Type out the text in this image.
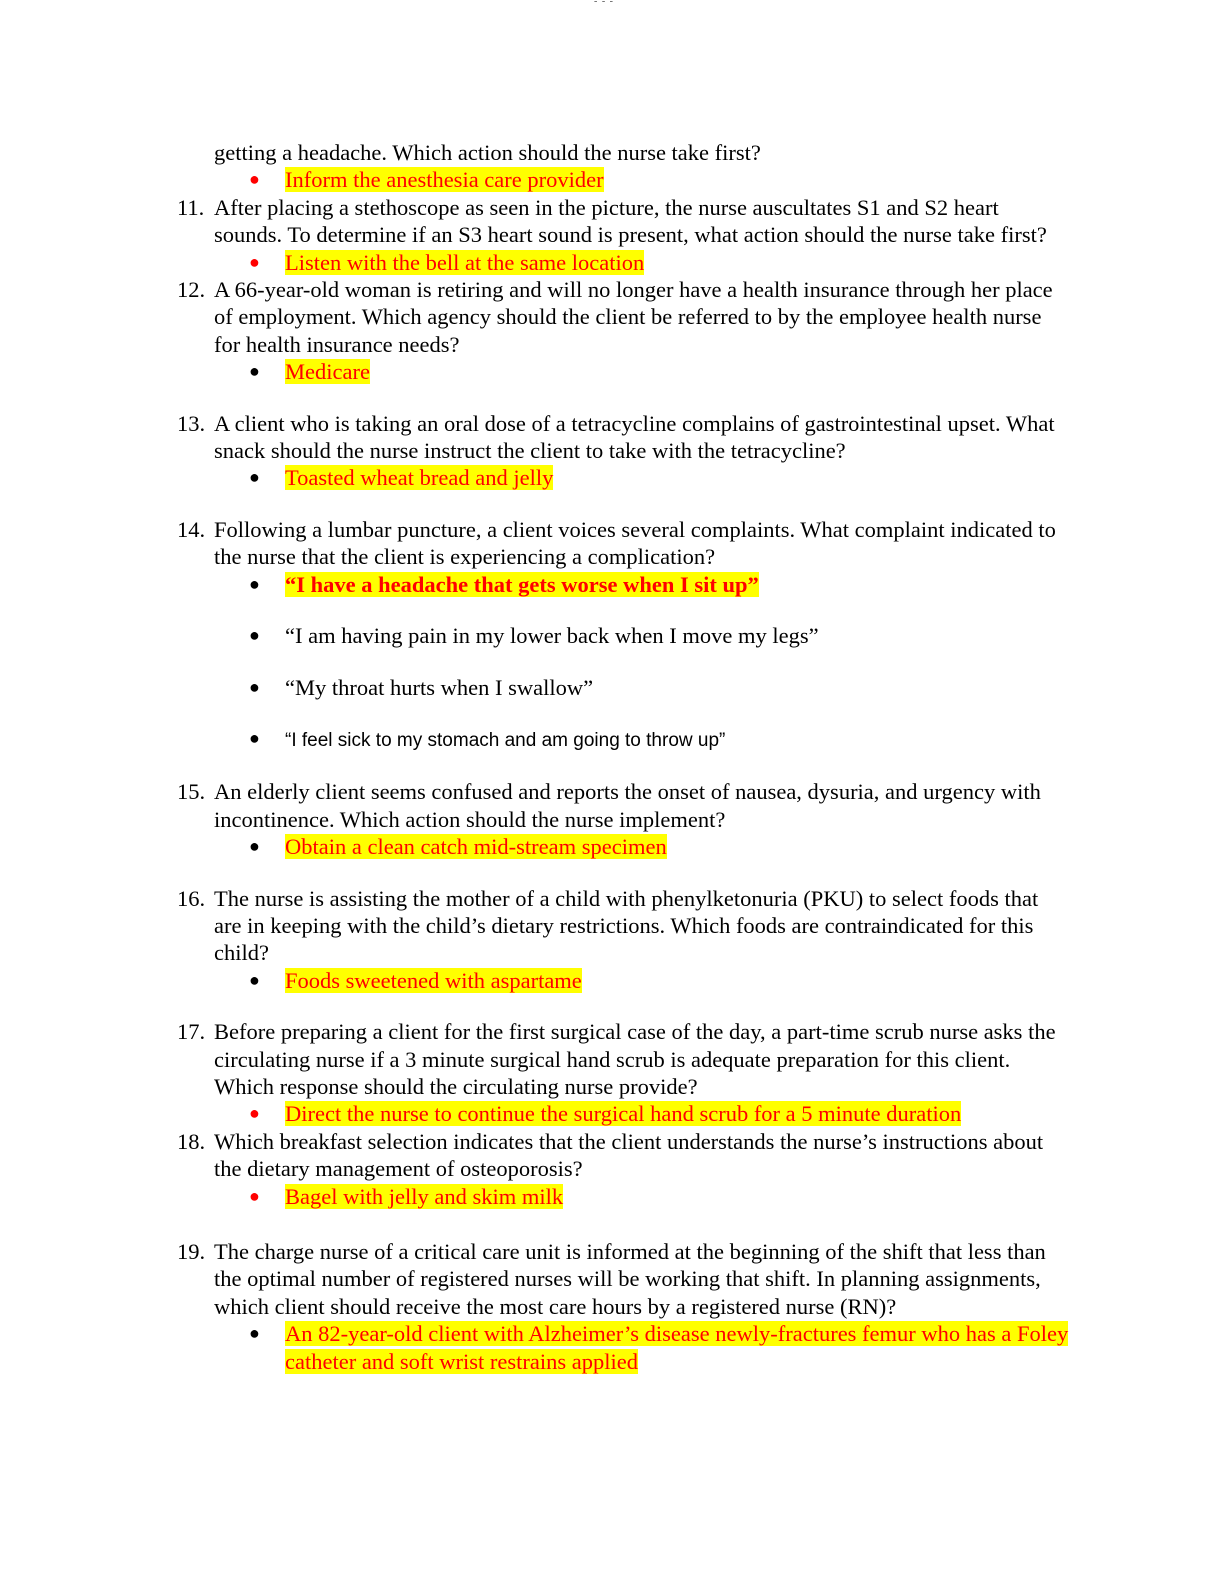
- - -
getting a headache. Which action should the nurse take first?
● Inform the anesthesia care provider
11. After placing a stethoscope as seen in the picture, the nurse auscultates S1 and S2 heart sounds. To determine if an S3 heart sound is present, what action should the nurse take first?
● Listen with the bell at the same location
12. A 66-year-old woman is retiring and will no longer have a health insurance through her place of employment. Which agency should the client be referred to by the employee health nurse for health insurance needs?
● Medicare
13. A client who is taking an oral dose of a tetracycline complains of gastrointestinal upset. What snack should the nurse instruct the client to take with the tetracycline?
● Toasted wheat bread and jelly
14. Following a lumbar puncture, a client voices several complaints. What complaint indicated to the nurse that the client is experiencing a complication?
● “I have a headache that gets worse when I sit up”
● “I am having pain in my lower back when I move my legs”
● “My throat hurts when I swallow”
● “I feel sick to my stomach and am going to throw up”
15. An elderly client seems confused and reports the onset of nausea, dysuria, and urgency with incontinence. Which action should the nurse implement?
● Obtain a clean catch mid-stream specimen
16. The nurse is assisting the mother of a child with phenylketonuria (PKU) to select foods that are in keeping with the child’s dietary restrictions. Which foods are contraindicated for this child?
● Foods sweetened with aspartame
17. Before preparing a client for the first surgical case of the day, a part-time scrub nurse asks the circulating nurse if a 3 minute surgical hand scrub is adequate preparation for this client. Which response should the circulating nurse provide?
● Direct the nurse to continue the surgical hand scrub for a 5 minute duration
18. Which breakfast selection indicates that the client understands the nurse’s instructions about the dietary management of osteoporosis?
● Bagel with jelly and skim milk
19. The charge nurse of a critical care unit is informed at the beginning of the shift that less than the optimal number of registered nurses will be working that shift. In planning assignments, which client should receive the most care hours by a registered nurse (RN)?
● An 82-year-old client with Alzheimer’s disease newly-fractures femur who has a Foley catheter and soft wrist restrains applied
